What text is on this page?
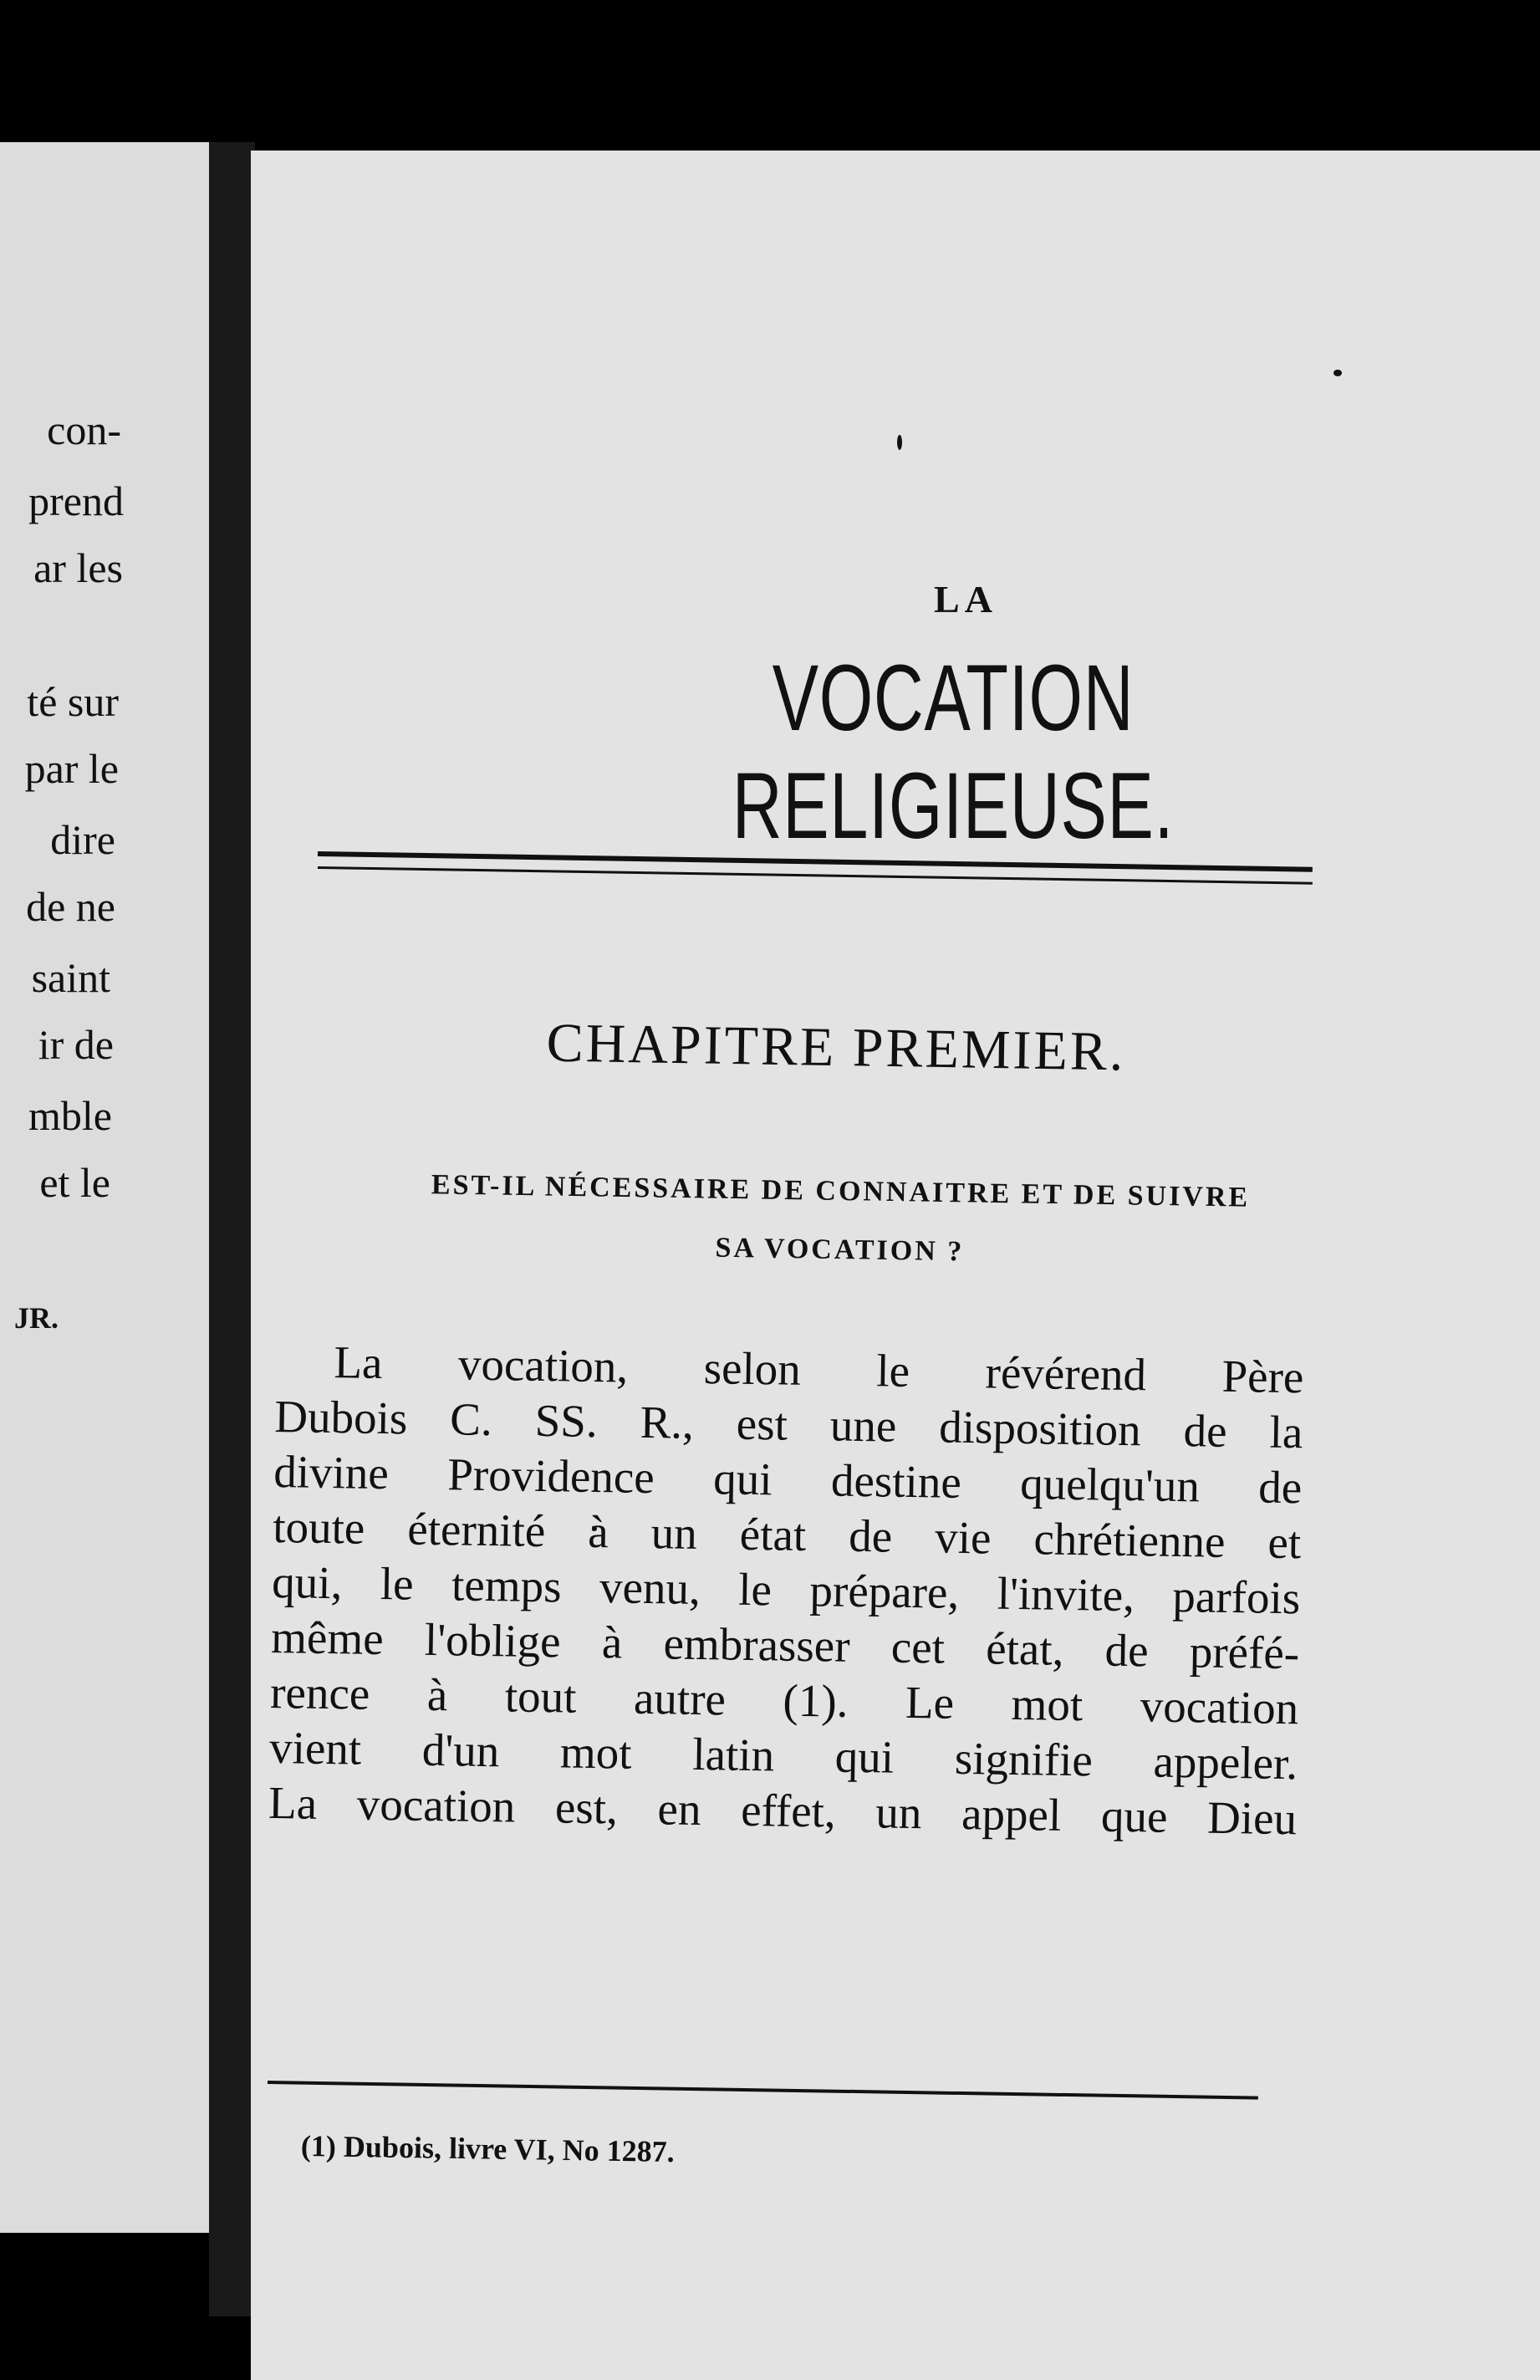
con-
prend
ar les
té sur
par le
dire
de ne
saint
ir de
mble
et le
JR.
LA
VOCATION RELIGIEUSE.
CHAPITRE PREMIER.
EST-IL NÉCESSAIRE DE CONNAITRE ET DE SUIVRE
SA VOCATION ?
La vocation, selon le révérend Père
Dubois C. SS. R., est une disposition de la
divine Providence qui destine quelqu'un de
toute éternité à un état de vie chrétienne et
qui, le temps venu, le prépare, l'invite, parfois
même l'oblige à embrasser cet état, de préfé-
rence à tout autre (1). Le mot vocation
vient d'un mot latin qui signifie appeler.
La vocation est, en effet, un appel que Dieu
(1) Dubois, livre VI, No 1287.
